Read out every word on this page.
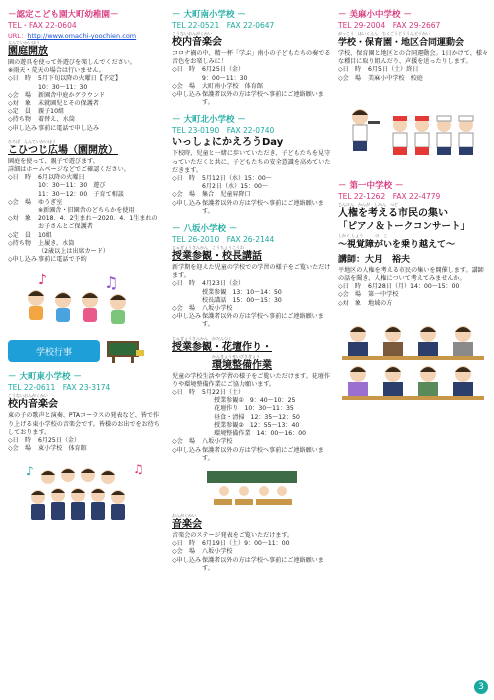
－認定こども園大町幼稚園－
TEL・FAX 22-0604
URL：http://www.omachi-yoochien.com
えんていかいほう
園庭開放
園の遊具を使って外遊びを楽しんでください。
※雨天・荒天の場合は行いません。
◇日　時	5月下旬以降の火曜日【予定】
10：30～11：30
◇会　場	新園舎中庭かグラウンド
◇対　象	未就園児とその保護者
◇定　員	親子10組
◇持ち物	着替え、水筒
◇申し込み 事前に電話で申し込み
ひろば　えんていかいほう
こひつじ広場（園開放）
園庭を使って、親子で遊びます。
詳細はホームページなどでご確認ください。
◇日　時	6月以降の火曜日
10：30～11：30　遊び
11：30～12：00　子育て相談
◇会　場	ゆうぎ室
※新園舎・旧園舎のどちらかを使用
◇対　象	2018．4．2生まれ～2020．4．1生まれのお子さんとご保護者
◇定　員	10組
◇持ち物	上履き、水筒
（2歳以上は出席カード）
◇申し込み 事前に電話で予約
♪	♫
学校行事
－ 大町東小学校 －
TEL 22-0611　FAX 23-3174
こうないおんがくかい
校内音楽会
東の子の歌声と演奏、PTAコーラスの発表など、皆で作り上げる東小学校の音楽会です。皆様のお出でをお待ちしております。
◇日　時	6月25日（金）
◇会　場	東小学校　体育館
♪	♫
－ 大町南小学校 －
TEL 22-0521　FAX 22-0647
こうないおんがくかい
校内音楽会
コロナ禍の中、精一杯「学ぶ」南小の子どもたちの奏でる音色をお楽しみに！
◇日　時	6月25日（金）
9：00～11：30
◇会　場	大町南小学校　体育館
◇申し込み 保護者以外の方は学校へ事前にご連絡願います。
－ 大町北小学校 －
TEL 23-0190　FAX 22-0740
いっしょにかえろうDay
下校時、児童と一緒に歩いていただき、子どもたちを見守っていただくと共に、子どもたちの安全意識を高めていただきます。
◇日　時	5月12日（水）15：00～
6月2日（水）15：00～
◇会　場	集合　児童昇降口
◇申し込み 保護者以外の方は学校へ事前にご連絡願います。
－ 八坂小学校 －
TEL 26-2010　FAX 26-2144
じゅぎょうさんかん　こうちょうこうわ
授業参観・校長講話
新学期を迎えた児童の学校での学習の様子をご覧いただけます。
◇日　時	4月23日（金）
授業参観　13：10～14：50
校長講話　15：00～15：30
◇会　場	八坂小学校
◇申し込み 保護者以外の方は学校へ事前にご連絡願います。
じゅぎょうさんかん　かだんづく
授業参観・花壇作り・
かんきょうせいびさぎょう
環境整備作業
児童の学校生活や学習の様子をご覧いただけます。花壇作りや環境整備作業にご協力願います。
◇日　時	5月22日（土）
授業参観①　9：40～10：25
花壇作り　10：30～11：35
昼食・清掃　12：35～12：50
授業参観②　12：55～13：40
環境整備作業　14：00～16：00
◇会　場	八坂小学校
◇申し込み 保護者以外の方は学校へ事前にご連絡願います。
おんがくかい
音楽会
音楽会のステージ発表をご覧いただけます。
◇日　時	6月19日（土）9：00～11：00
◇会　場	八坂小学校
◇申し込み 保護者以外の方は学校へ事前にご連絡願います。
－ 美麻小中学校 －
TEL 29-2004　FAX 29-2667
がっこう　ほいくえん　ちくごうどううんどうかい
学校・保育園・地区合同運動会
学校、保育園と地区との合同運動会。1日かけて、様々な種目に取り組んだり、声援を送ったりします。
◇日　時	6月5日（土）終日
◇会　場	美麻小中学校　校庭
－ 第一中学校 －
TEL 22-1262　FAX 22-4779
じんけん　かんが　しみん　つど
人権を考える市民の集い
「ピアノ＆トークコンサート」
しかく しょう　　　の　こ
～視覚障がいを乗り越えて～
講師：大月　裕夫
平地区の人権を考える市民の集いを開催します。講師の話を聞き、人権について考えてみませんか。
◇日　時	6月28日（月）14：00～15：00
◇会　場	第一中学校
◇対　象	地域の方
3
